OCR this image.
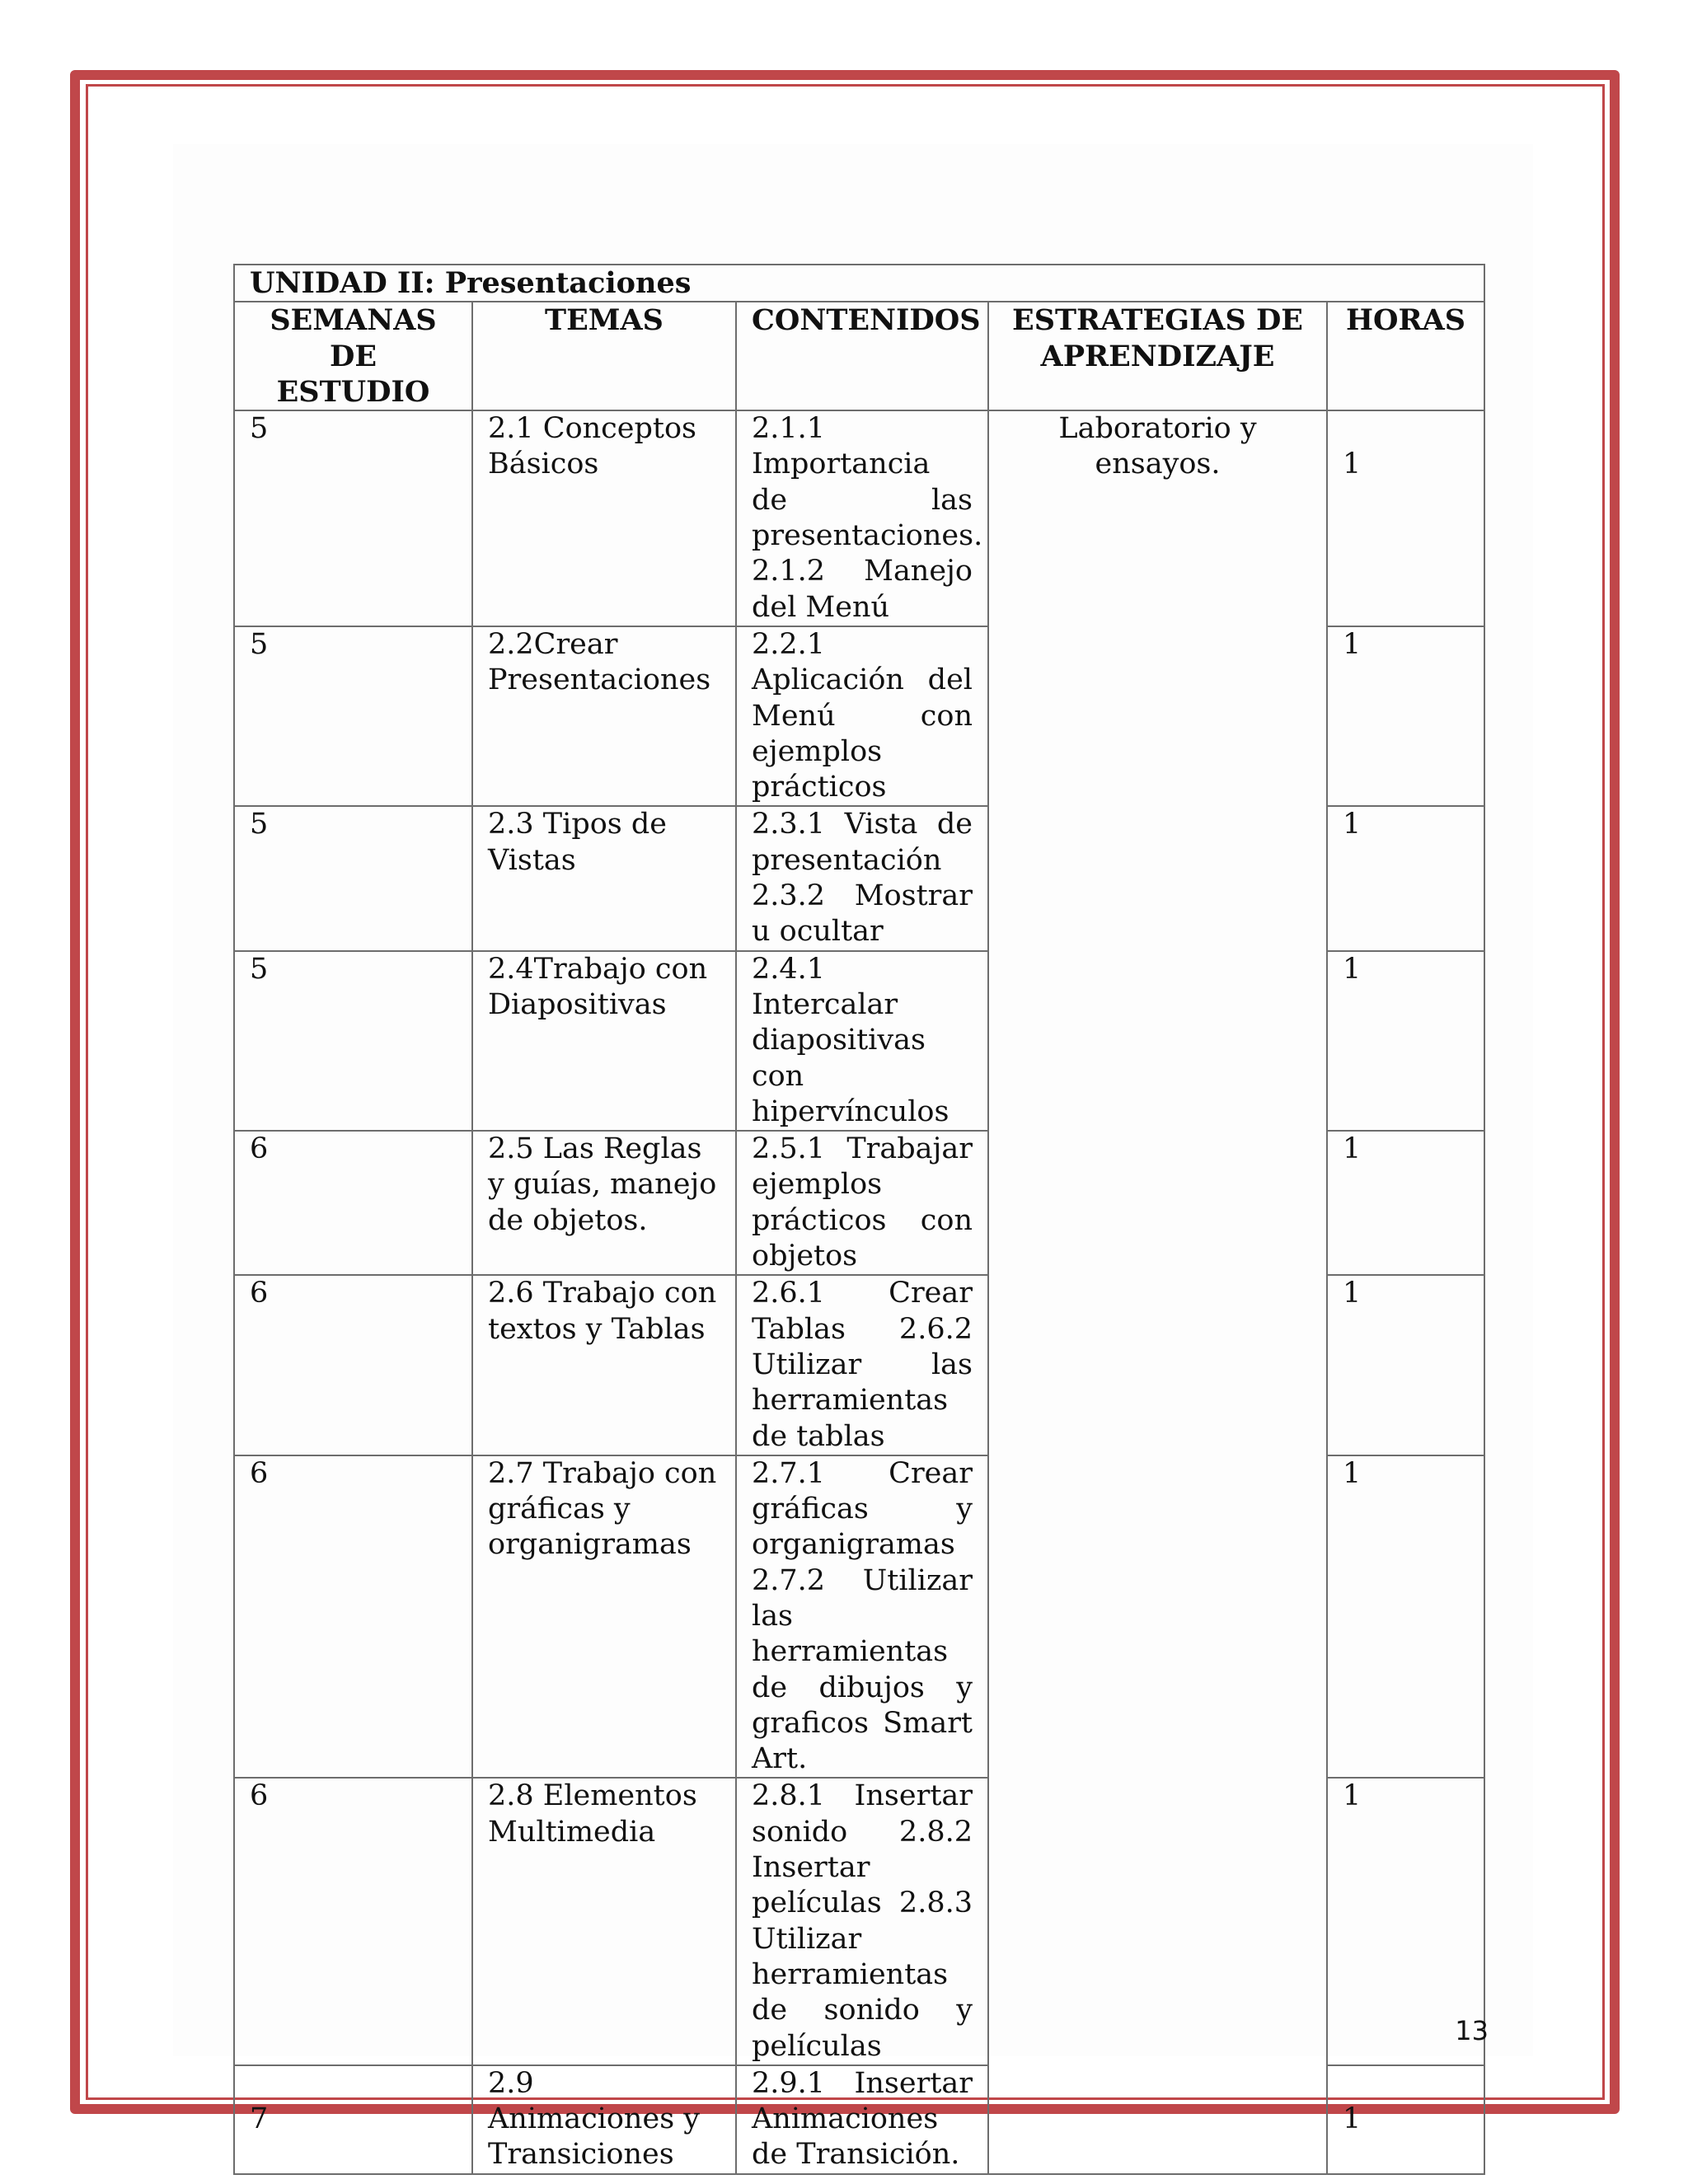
UNIDAD II: Presentaciones				
SEMANAS DE ESTUDIO	TEMAS	CONTENIDOS	ESTRATEGIAS DE APRENDIZAJE	HORAS
5	2.1 Conceptos Básicos	2.1.1 Importancia de las presentaciones. 2.1.2 Manejo del Menú	Laboratorio y ensayos.	1
5	2.2Crear Presentaciones	2.2.1 Aplicación del Menú con ejemplos prácticos		1
5	2.3 Tipos de Vistas	2.3.1 Vista de presentación 2.3.2 Mostrar u ocultar		1
5	2.4Trabajo con Diapositivas	2.4.1 Intercalar diapositivas con hipervínculos		1
6	2.5 Las Reglas y guías, manejo de objetos.	2.5.1 Trabajar ejemplos prácticos con objetos		1
6	2.6 Trabajo con textos y Tablas	2.6.1 Crear Tablas 2.6.2 Utilizar las herramientas de tablas		1
6	2.7 Trabajo con gráficas y organigramas	2.7.1 Crear gráficas y organigramas 2.7.2 Utilizar las herramientas de dibujos y graficos Smart Art.		1
6	2.8 Elementos Multimedia	2.8.1 Insertar sonido 2.8.2 Insertar películas 2.8.3 Utilizar herramientas de sonido y películas		1
7	2.9 Animaciones y Transiciones	2.9.1 Insertar Animaciones de Transición.		1
13
